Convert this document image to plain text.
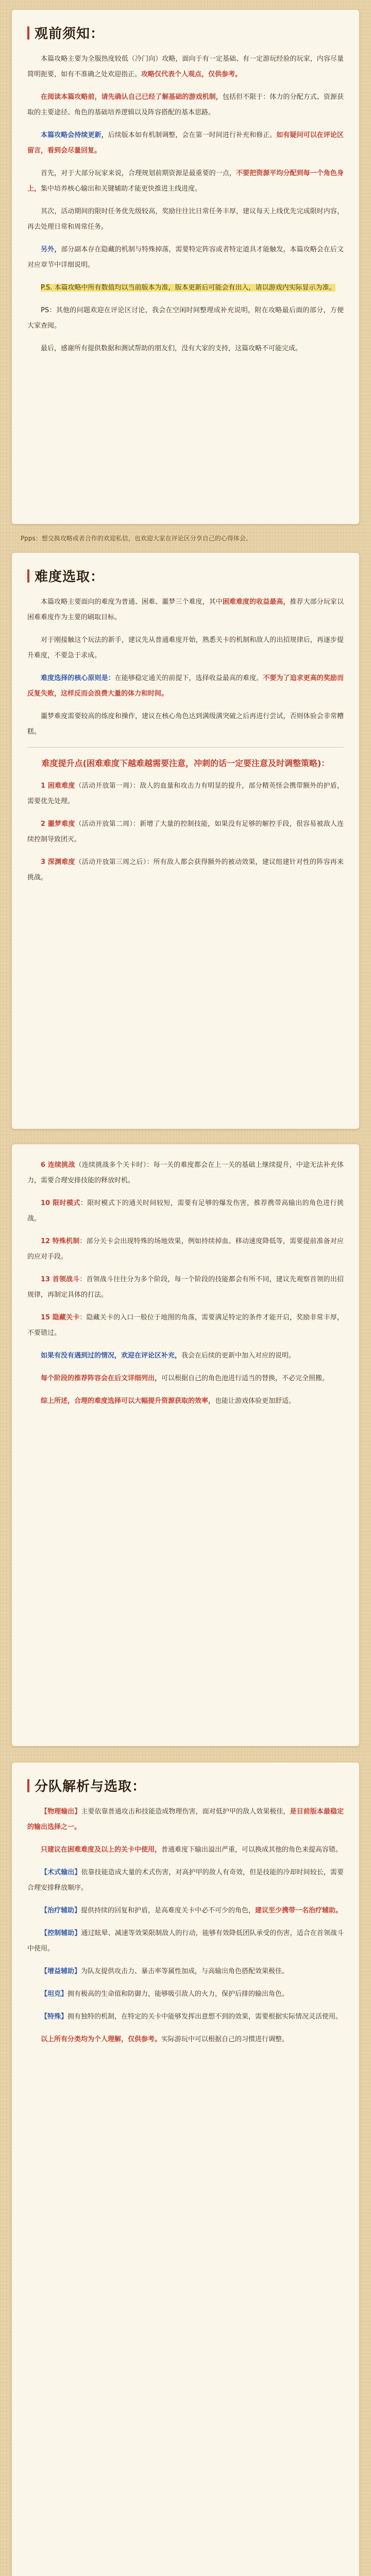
观前须知：

本篇攻略主要为全服热度较低（冷门向）攻略，面向于有一定基础、有一定游玩经验的玩家，内容尽量简明扼要，如有不准确之处欢迎指正。攻略仅代表个人观点，仅供参考。

在阅读本篇攻略前，请先确认自己已经了解基础的游戏机制，包括但不限于：体力的分配方式、资源获取的主要途径、角色的基础培养逻辑以及阵容搭配的基本思路。

本篇攻略会持续更新，后续版本如有机制调整，会在第一时间进行补充和修正。如有疑问可以在评论区留言，看到会尽量回复。

首先，对于大部分玩家来说，合理规划前期资源是最重要的一点，不要把资源平均分配到每一个角色身上，集中培养核心输出和关键辅助才能更快推进主线进度。

其次，活动期间的限时任务优先级较高，奖励往往比日常任务丰厚，建议每天上线优先完成限时内容，再去处理日常和周常任务。

另外，部分副本存在隐藏的机制与特殊掉落，需要特定阵容或者特定道具才能触发，本篇攻略会在后文对应章节中详细说明。

P.S. 本篇攻略中所有数值均以当前版本为准，版本更新后可能会有出入，请以游戏内实际显示为准。

PS：其他的问题欢迎在评论区讨论，我会在空闲时间整理成补充说明，附在攻略最后面的部分，方便大家查阅。

最后，感谢所有提供数据和测试帮助的朋友们，没有大家的支持，这篇攻略不可能完成。

Ppps：想交换攻略或者合作的欢迎私信，也欢迎大家在评论区分享自己的心得体会。
难度选取：

本篇攻略主要面向的难度为普通、困难、噩梦三个难度，其中困难难度的收益最高，推荐大部分玩家以困难难度作为主要的刷取目标。

对于刚接触这个玩法的新手，建议先从普通难度开始，熟悉关卡的机制和敌人的出招规律后，再逐步提升难度，不要急于求成。

难度选择的核心原则是：在能够稳定通关的前提下，选择收益最高的难度。不要为了追求更高的奖励而反复失败，这样反而会浪费大量的体力和时间。

噩梦难度需要较高的练度和操作，建议在核心角色达到满级满突破之后再进行尝试，否则体验会非常糟糕。

难度提升点(困难难度下越难越需要注意，冲刺的话一定要注意及时调整策略)：

1 困难难度（活动开放第一周）：敌人的血量和攻击力有明显的提升，部分精英怪会携带额外的护盾，需要优先处理。

2 噩梦难度（活动开放第二周）：新增了大量的控制技能，如果没有足够的解控手段，很容易被敌人连续控制导致团灭。

3 深渊难度（活动开放第三周之后）：所有敌人都会获得额外的被动效果，建议组建针对性的阵容再来挑战。

6 连续挑战（连续挑战多个关卡时）：每一关的难度都会在上一关的基础上继续提升，中途无法补充体力，需要合理安排技能的释放时机。

10 限时模式：限时模式下的通关时间较短，需要有足够的爆发伤害，推荐携带高输出的角色进行挑战。

12 特殊机制：部分关卡会出现特殊的场地效果，例如持续掉血、移动速度降低等，需要提前准备对应的应对手段。

13 首领战斗：首领战斗往往分为多个阶段，每一个阶段的技能都会有所不同，建议先观察首领的出招规律，再制定具体的打法。

15 隐藏关卡：隐藏关卡的入口一般位于地图的角落，需要满足特定的条件才能开启，奖励非常丰厚，不要错过。

如果有没有遇到过的情况，欢迎在评论区补充，我会在后续的更新中加入对应的说明。

每个阶段的推荐阵容会在后文详细列出，可以根据自己的角色池进行适当的替换，不必完全照搬。

综上所述，合理的难度选择可以大幅提升资源获取的效率，也能让游戏体验更加舒适。

分队解析与选取：

【物理输出】主要依靠普通攻击和技能造成物理伤害，面对低护甲的敌人效果极佳，是目前版本最稳定的输出选择之一。

只建议在困难难度及以上的关卡中使用，普通难度下输出溢出严重，可以换成其他的角色来提高容错。

【术式输出】依靠技能造成大量的术式伤害，对高护甲的敌人有奇效，但是技能的冷却时间较长，需要合理安排释放顺序。

【治疗辅助】提供持续的回复和护盾，是高难度关卡中必不可少的角色，建议至少携带一名治疗辅助。

【控制辅助】通过眩晕、减速等效果限制敌人的行动，能够有效降低团队承受的伤害，适合在首领战斗中使用。

【增益辅助】为队友提供攻击力、暴击率等属性加成，与高输出角色搭配效果极佳。

【坦克】拥有极高的生命值和防御力，能够吸引敌人的火力，保护后排的输出角色。

【特殊】拥有独特的机制，在特定的关卡中能够发挥出意想不到的效果，需要根据实际情况灵活使用。

以上所有分类均为个人理解，仅供参考。实际游玩中可以根据自己的习惯进行调整。
